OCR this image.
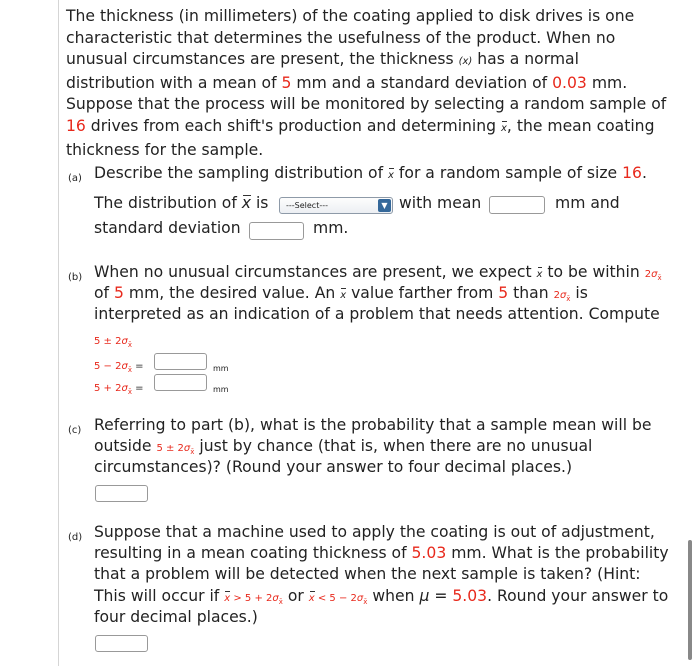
The thickness (in millimeters) of the coating applied to disk drives is one
characteristic that determines the usefulness of the product. When no
unusual circumstances are present, the thickness (x) has a normal
distribution with a mean of 5 mm and a standard deviation of 0.03 mm.
Suppose that the process will be monitored by selecting a random sample of
16 drives from each shift's production and determining x, the mean coating
thickness for the sample.
(a) Describe the sampling distribution of x for a random sample of size 16.
The distribution of x is	---Select---	▼ with mean	mm and
standard deviation	mm.
(b) When no unusual circumstances are present, we expect x to be within $2\sigma_{x̄}$
of 5 mm, the desired value. An x value farther from 5 than $2\sigma_{x̄}$ is
interpreted as an indication of a problem that needs attention. Compute
$5 \pm 2\sigma_{x̄}$
$5 - 2\sigma_{x̄}$ =	mm
$5 + 2\sigma_{x̄}$ =	mm
(c) Referring to part (b), what is the probability that a sample mean will be
outside $5 \pm 2\sigma_{x̄}$ just by chance (that is, when there are no unusual
circumstances)? (Round your answer to four decimal places.)
(d) Suppose that a machine used to apply the coating is out of adjustment,
resulting in a mean coating thickness of 5.03 mm. What is the probability
that a problem will be detected when the next sample is taken? (Hint:
This will occur if $x > 5 + 2\sigma_{x̄}$ or $x < 5 - 2\sigma_{x̄}$ when μ = 5.03. Round your answer to
four decimal places.)
